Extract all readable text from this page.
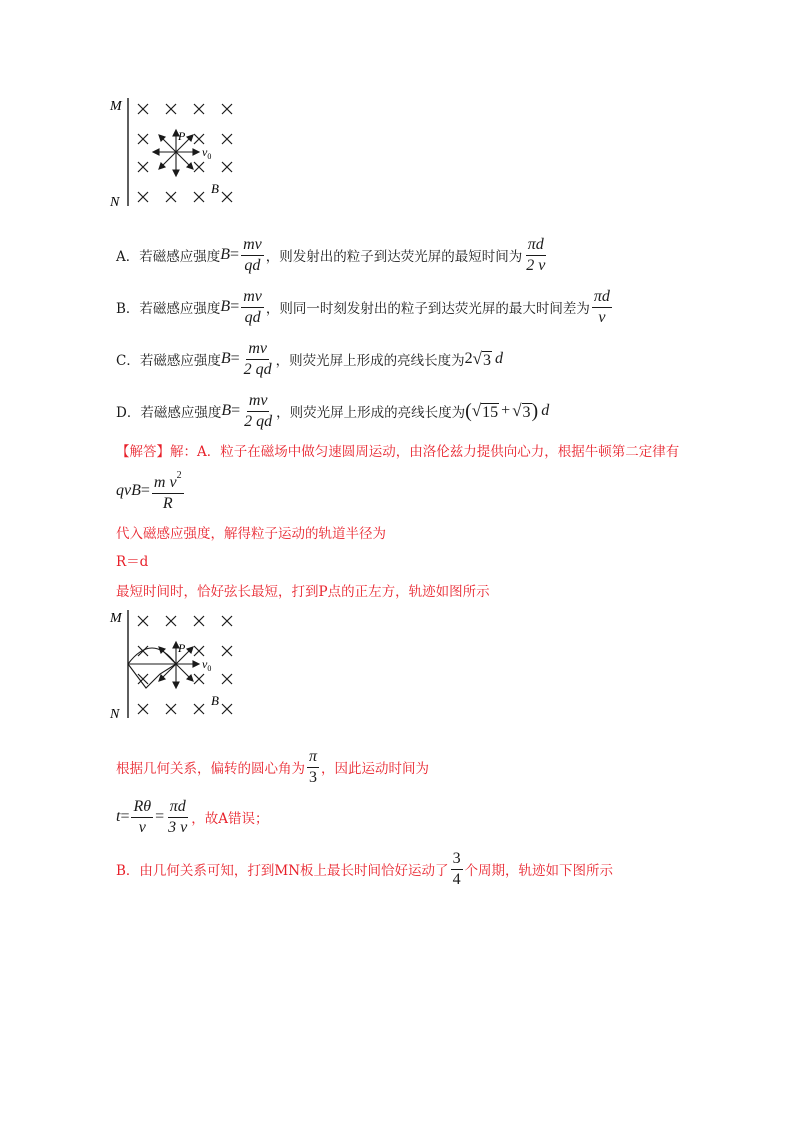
M
N
P
$v_0$
B
A．若磁感应强度 $B = \frac{mv}{qd}$ ，则发射出的粒子到达荧光屏的最短时间为 $\frac{\pi d}{2 v}$
B．若磁感应强度 $B = \frac{mv}{qd}$ ，则同一时刻发射出的粒子到达荧光屏的最大时间差为 $\frac{\pi d}{v}$
C．若磁感应强度 $B = \frac{mv}{2 qd}$ ，则荧光屏上形成的亮线长度为 2 √ 3 d
D．若磁感应强度 $B = \frac{mv}{2 qd}$ ，则荧光屏上形成的亮线长度为 ( √ 15 + √ 3 ) d
【解答】 解：A．粒子在磁场中做匀速圆周运动，由洛伦兹力提供向心力，根据牛顿第二定律有
qvB = $\frac{m v^2}{R}$
代入磁感应强度，解得粒子运动的轨道半径为
R＝d
最短时间时，恰好弦长最短，打到P点的正左方，轨迹如图所示
M
N
P
$v_0$
B
根据几何关系，偏转的圆心角为 $\frac{\pi}{3}$ ，因此运动时间为
$t = \frac{R\theta}{v} = \frac{\pi d}{3 v}$ ，故A错误；
B．由几何关系可知，打到MN板上最长时间恰好运动了 $\frac{3}{4}$ 个周期，轨迹如下图所示
